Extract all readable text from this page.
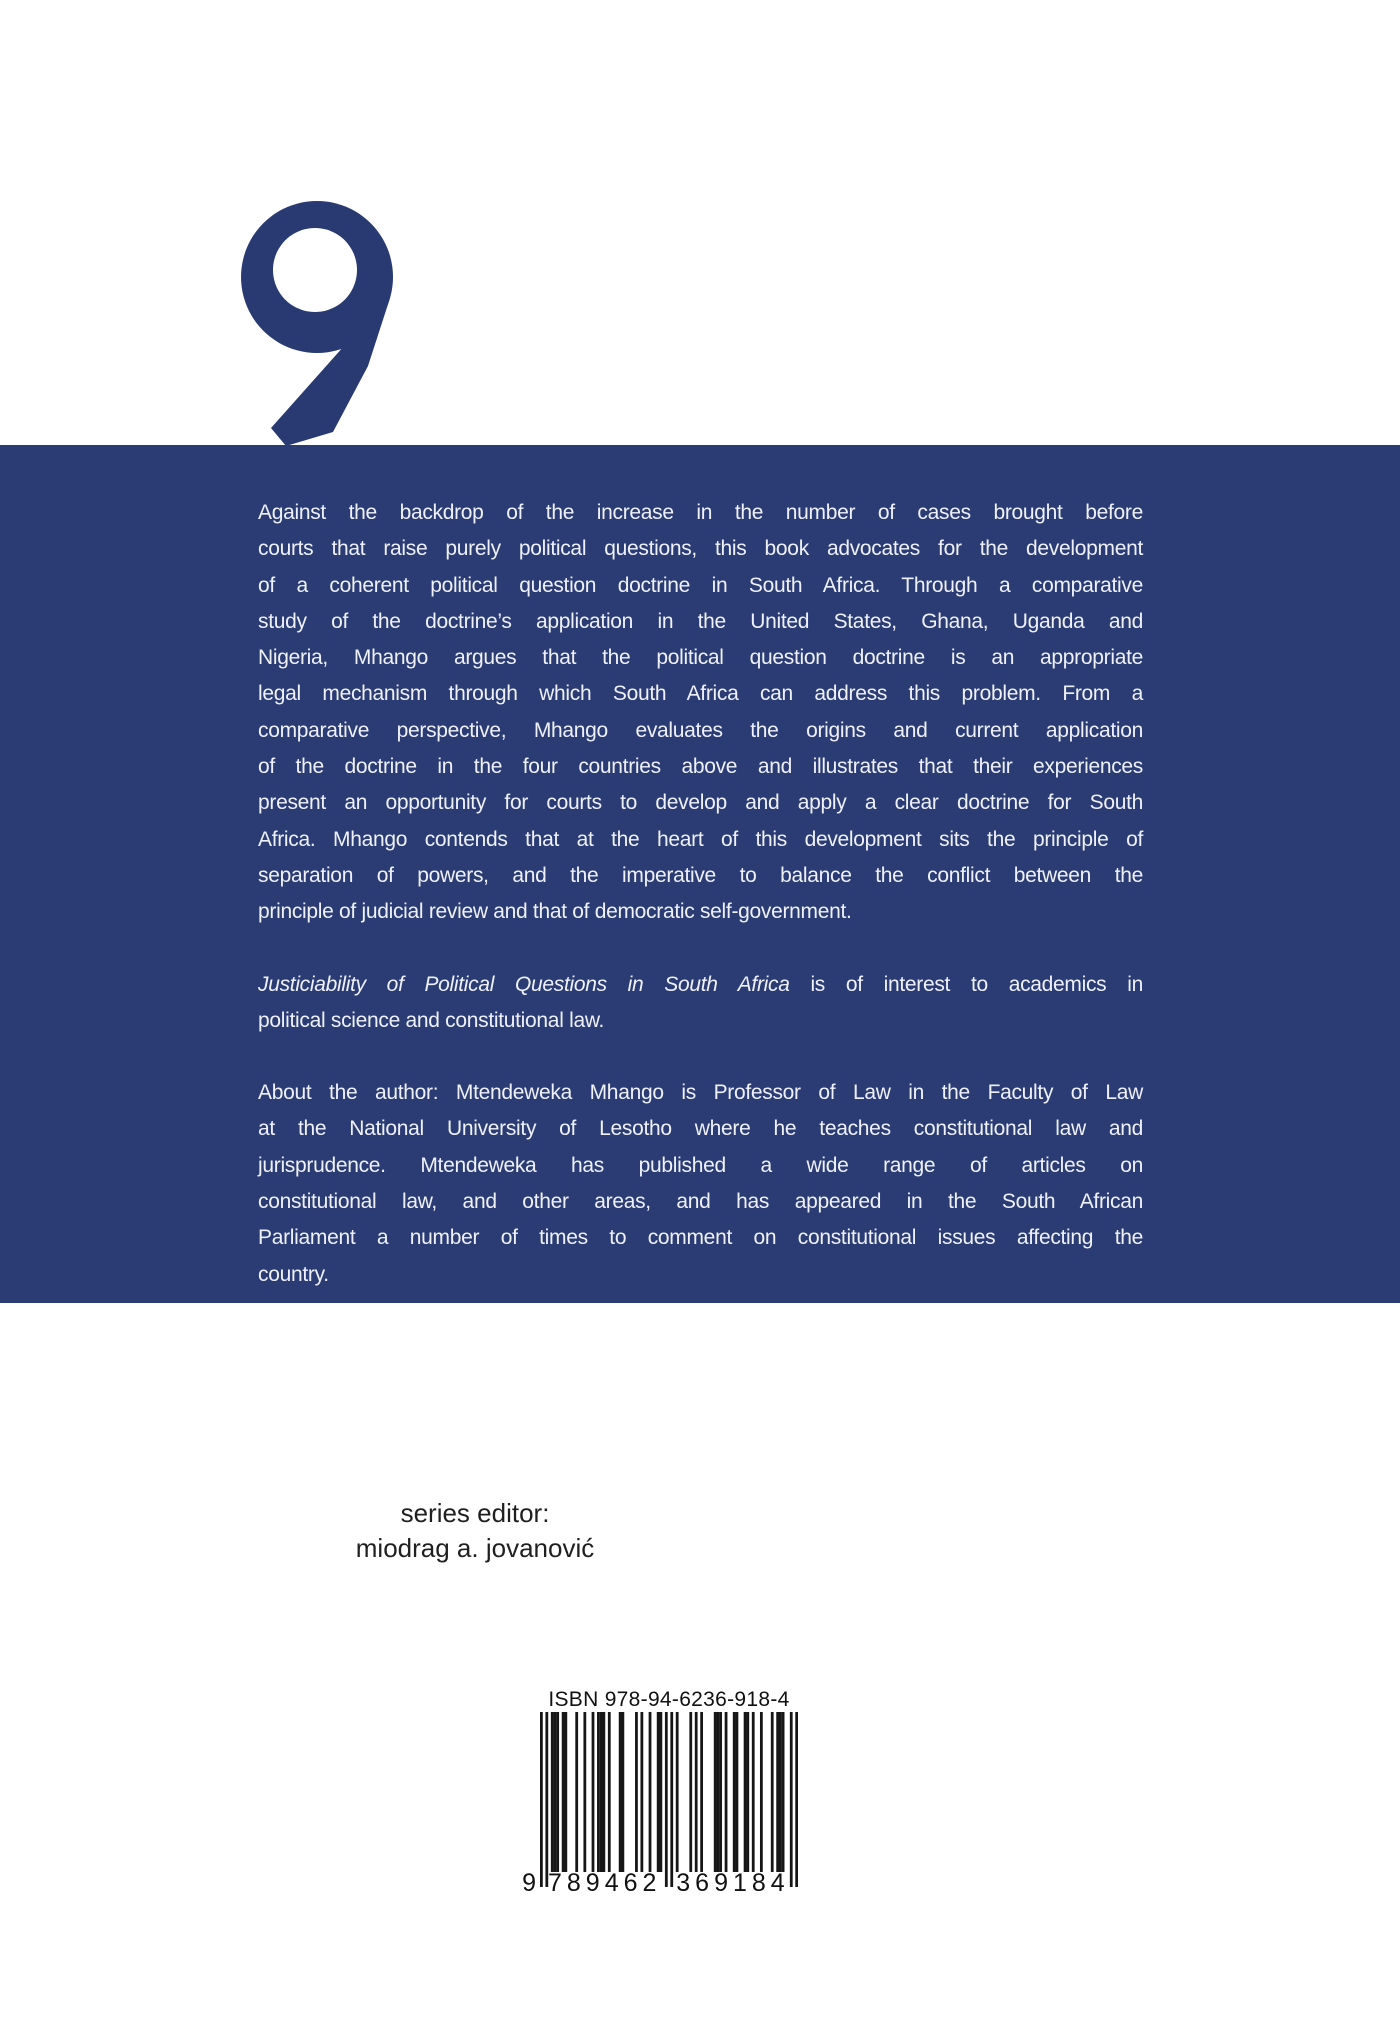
Against the backdrop of the increase in the number of cases brought before
courts that raise purely political questions, this book advocates for the development
of a coherent political question doctrine in South Africa. Through a comparative
study of the doctrine’s application in the United States, Ghana, Uganda and
Nigeria, Mhango argues that the political question doctrine is an appropriate
legal mechanism through which South Africa can address this problem. From a
comparative perspective, Mhango evaluates the origins and current application
of the doctrine in the four countries above and illustrates that their experiences
present an opportunity for courts to develop and apply a clear doctrine for South
Africa. Mhango contends that at the heart of this development sits the principle of
separation of powers, and the imperative to balance the conflict between the
principle of judicial review and that of democratic self-government.
Justiciability of Political Questions in South Africa is of interest to academics in
political science and constitutional law.
About the author: Mtendeweka Mhango is Professor of Law in the Faculty of Law
at the National University of Lesotho where he teaches constitutional law and
jurisprudence. Mtendeweka has published a wide range of articles on
constitutional law, and other areas, and has appeared in the South African
Parliament a number of times to comment on constitutional issues affecting the
country.
series editor:
miodrag a. jovanović
ISBN 978-94-6236-918-4
9 789462 369184
